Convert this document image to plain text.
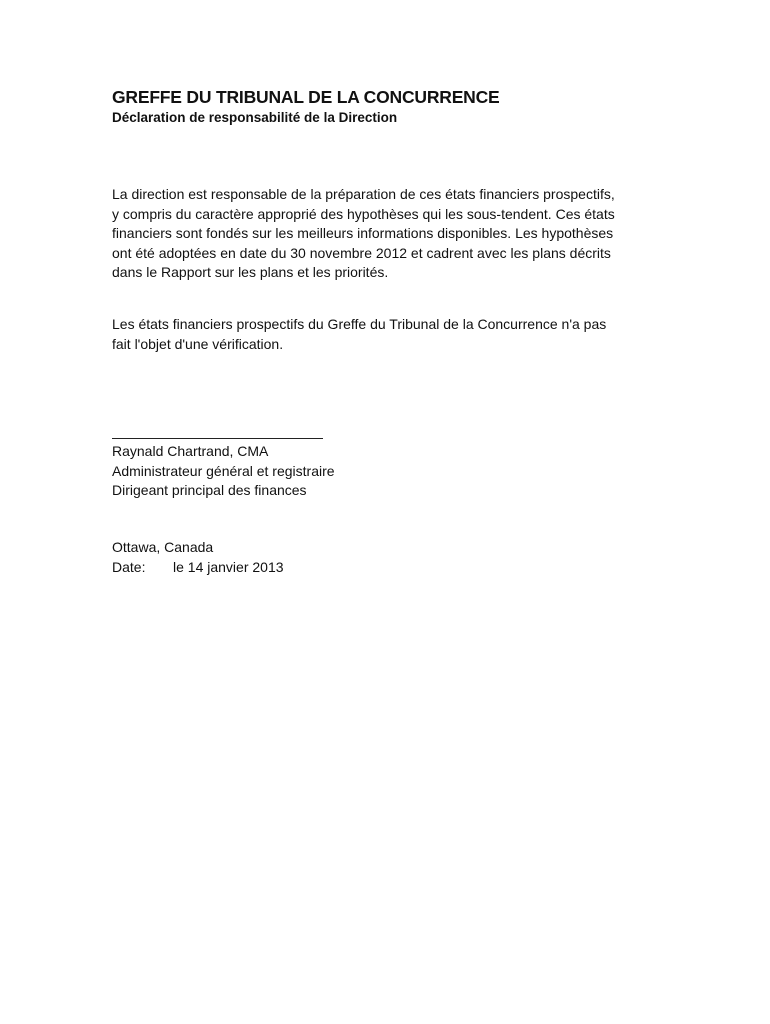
GREFFE DU TRIBUNAL DE LA CONCURRENCE
Déclaration de responsabilité de la Direction
La direction est responsable de la préparation de ces états financiers prospectifs,
y compris du caractère approprié des hypothèses qui les sous-tendent. Ces états
financiers sont fondés sur les meilleurs informations disponibles. Les hypothèses
ont été adoptées en date du 30 novembre 2012 et cadrent avec les plans décrits
dans le Rapport sur les plans et les priorités.
Les états financiers prospectifs du Greffe du Tribunal de la Concurrence n'a pas
fait l'objet d'une vérification.
Raynald Chartrand, CMA
Administrateur général et registraire
Dirigeant principal des finances
Ottawa, Canada
Date: le 14 janvier 2013
